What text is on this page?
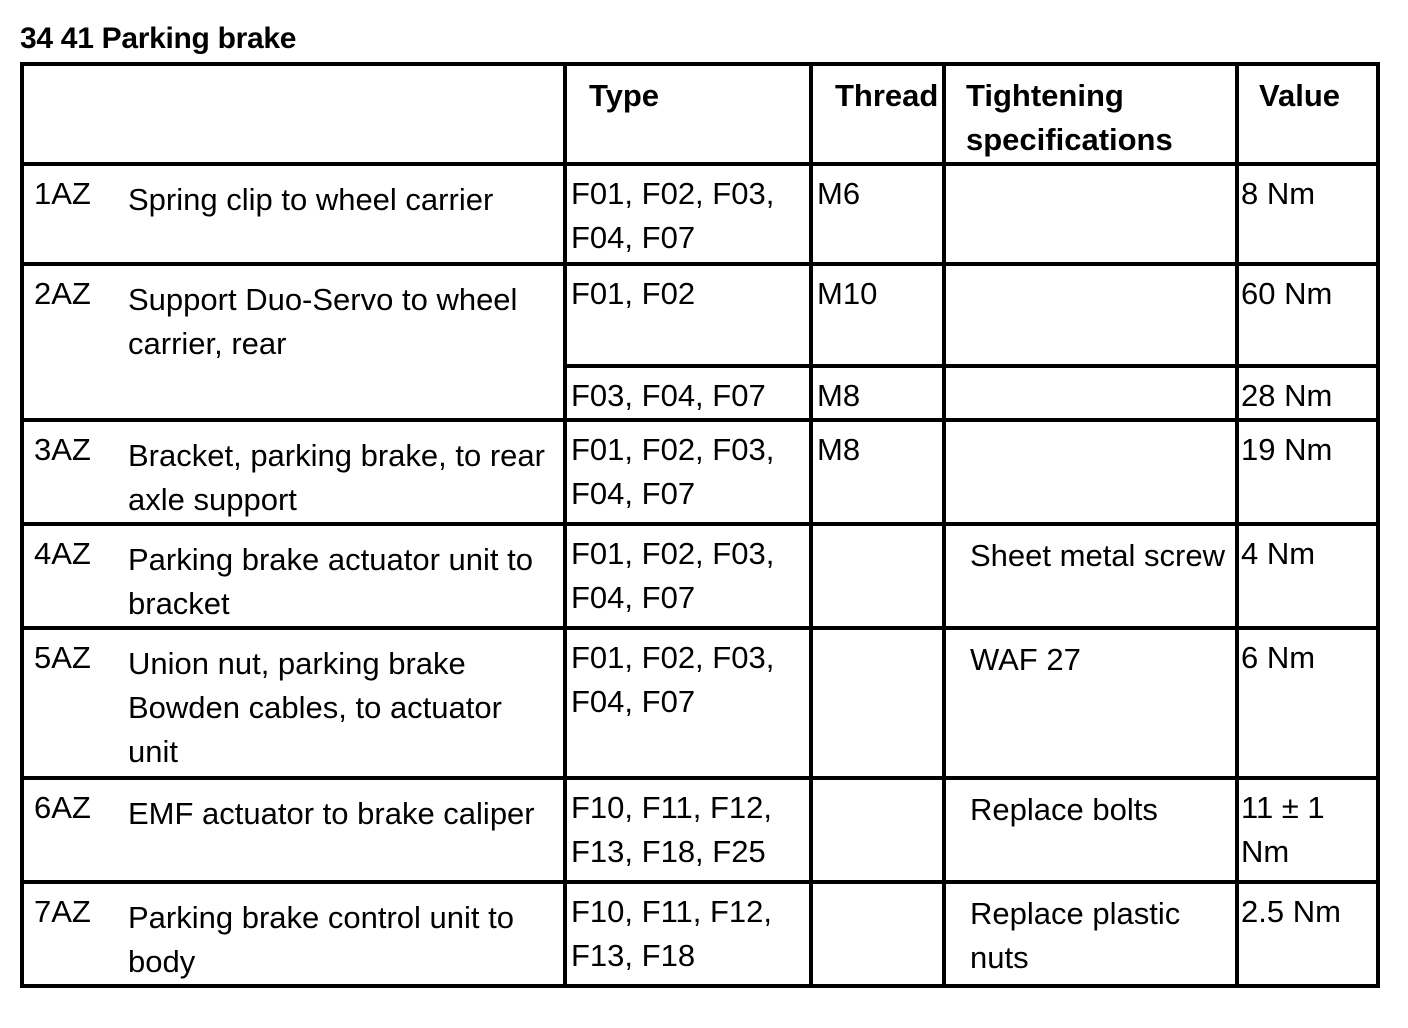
34 41 Parking brake
	Type	Thread	Tightening specifications	Value

1AZ Spring clip to wheel carrier	F01, F02, F03, F04, F07	M6		8 Nm

2AZ Support Duo-Servo to wheel carrier, rear	F01, F02	M10		60 Nm
	F03, F04, F07	M8		28 Nm

3AZ Bracket, parking brake, to rear axle support	F01, F02, F03, F04, F07	M8		19 Nm

4AZ Parking brake actuator unit to bracket	F01, F02, F03, F04, F07		Sheet metal screw	4 Nm

5AZ Union nut, parking brake Bowden cables, to actuator unit	F01, F02, F03, F04, F07		WAF 27	6 Nm

6AZ EMF actuator to brake caliper	F10, F11, F12, F13, F18, F25		Replace bolts	11 ± 1 Nm

7AZ Parking brake control unit to body	F10, F11, F12, F13, F18		Replace plastic nuts	2.5 Nm
